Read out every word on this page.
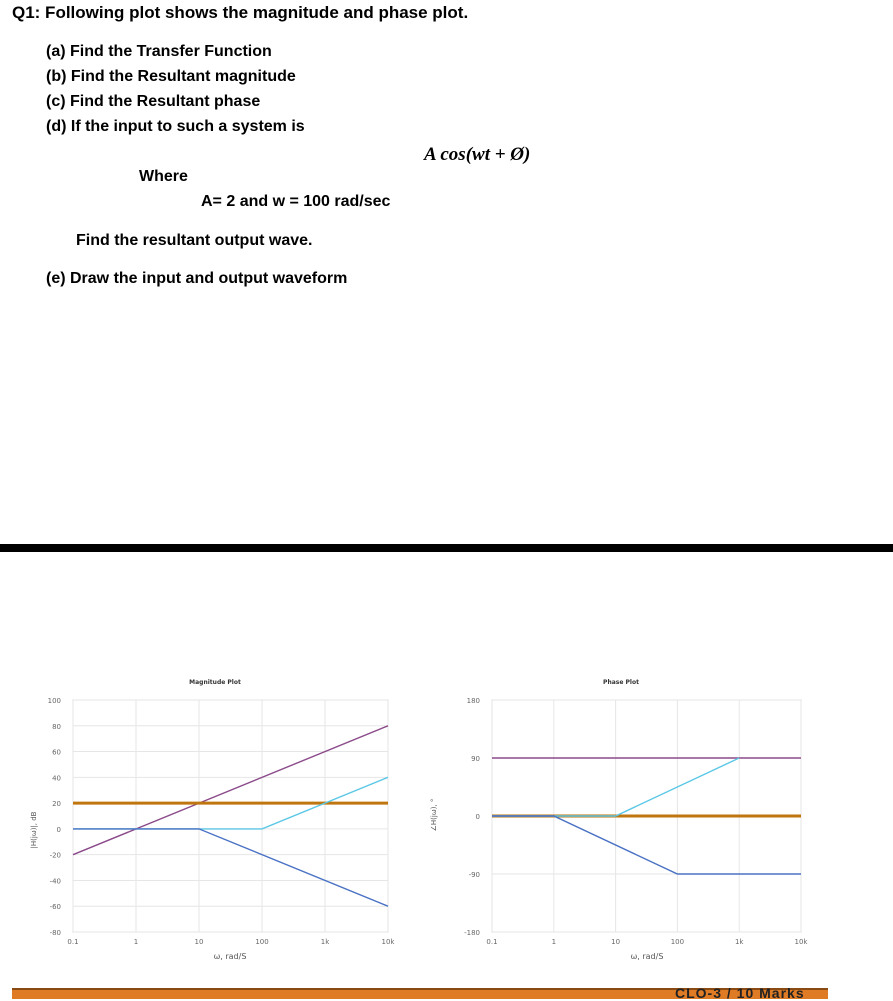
Q1: Following plot shows the magnitude and phase plot.
(a) Find the Transfer Function
(b) Find the Resultant magnitude
(c) Find the Resultant phase
(d) If the input to such a system is
A cos(wt + Ø)
Where
A= 2 and w = 100 rad/sec
Find the resultant output wave.
(e) Draw the input and output waveform
Magnitude Plot
100
80
60
40
20
0
-20
-40
-60
-80
0.1	1	10	100	1k	10k
ω, rad/S
|H(jω)|, dB
Phase Plot
180
90
0
-90
-180
0.1	1	10	100	1k	10k
ω, rad/S
∠H(jω), °
CLO-3 / 10 Marks
